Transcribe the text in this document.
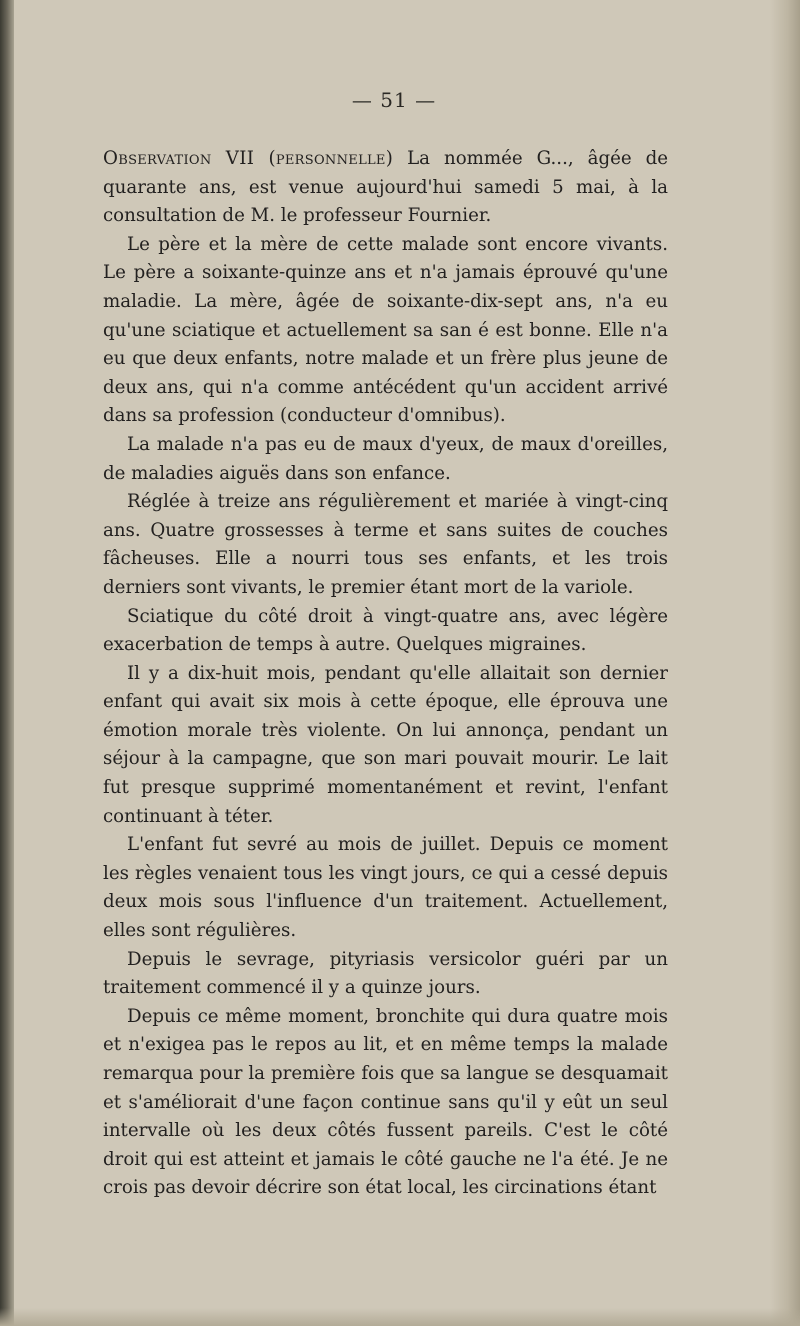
— 51 —

Observation VII (personnelle) La nommée G..., âgée de quarante ans, est venue aujourd'hui samedi 5 mai, à la consultation de M. le professeur Fournier.

Le père et la mère de cette malade sont encore vivants. Le père a soixante-quinze ans et n'a jamais éprouvé qu'une maladie. La mère, âgée de soixante-dix-sept ans, n'a eu qu'une sciatique et actuellement sa san é est bonne. Elle n'a eu que deux enfants, notre malade et un frère plus jeune de deux ans, qui n'a comme antécédent qu'un accident arrivé dans sa profession (conducteur d'omnibus).

La malade n'a pas eu de maux d'yeux, de maux d'oreilles, de maladies aiguës dans son enfance.

Réglée à treize ans régulièrement et mariée à vingt-cinq ans. Quatre grossesses à terme et sans suites de couches fâcheuses. Elle a nourri tous ses enfants, et les trois derniers sont vivants, le premier étant mort de la variole.

Sciatique du côté droit à vingt-quatre ans, avec légère exacerbation de temps à autre. Quelques migraines.

Il y a dix-huit mois, pendant qu'elle allaitait son dernier enfant qui avait six mois à cette époque, elle éprouva une émotion morale très violente. On lui annonça, pendant un séjour à la campagne, que son mari pouvait mourir. Le lait fut presque supprimé momentanément et revint, l'enfant continuant à téter.

L'enfant fut sevré au mois de juillet. Depuis ce moment les règles venaient tous les vingt jours, ce qui a cessé depuis deux mois sous l'influence d'un traitement. Actuellement, elles sont régulières.

Depuis le sevrage, pityriasis versicolor guéri par un traitement commencé il y a quinze jours.

Depuis ce même moment, bronchite qui dura quatre mois et n'exigea pas le repos au lit, et en même temps la malade remarqua pour la première fois que sa langue se desquamait et s'améliorait d'une façon continue sans qu'il y eût un seul intervalle où les deux côtés fussent pareils. C'est le côté droit qui est atteint et jamais le côté gauche ne l'a été. Je ne crois pas devoir décrire son état local, les circinations étant
